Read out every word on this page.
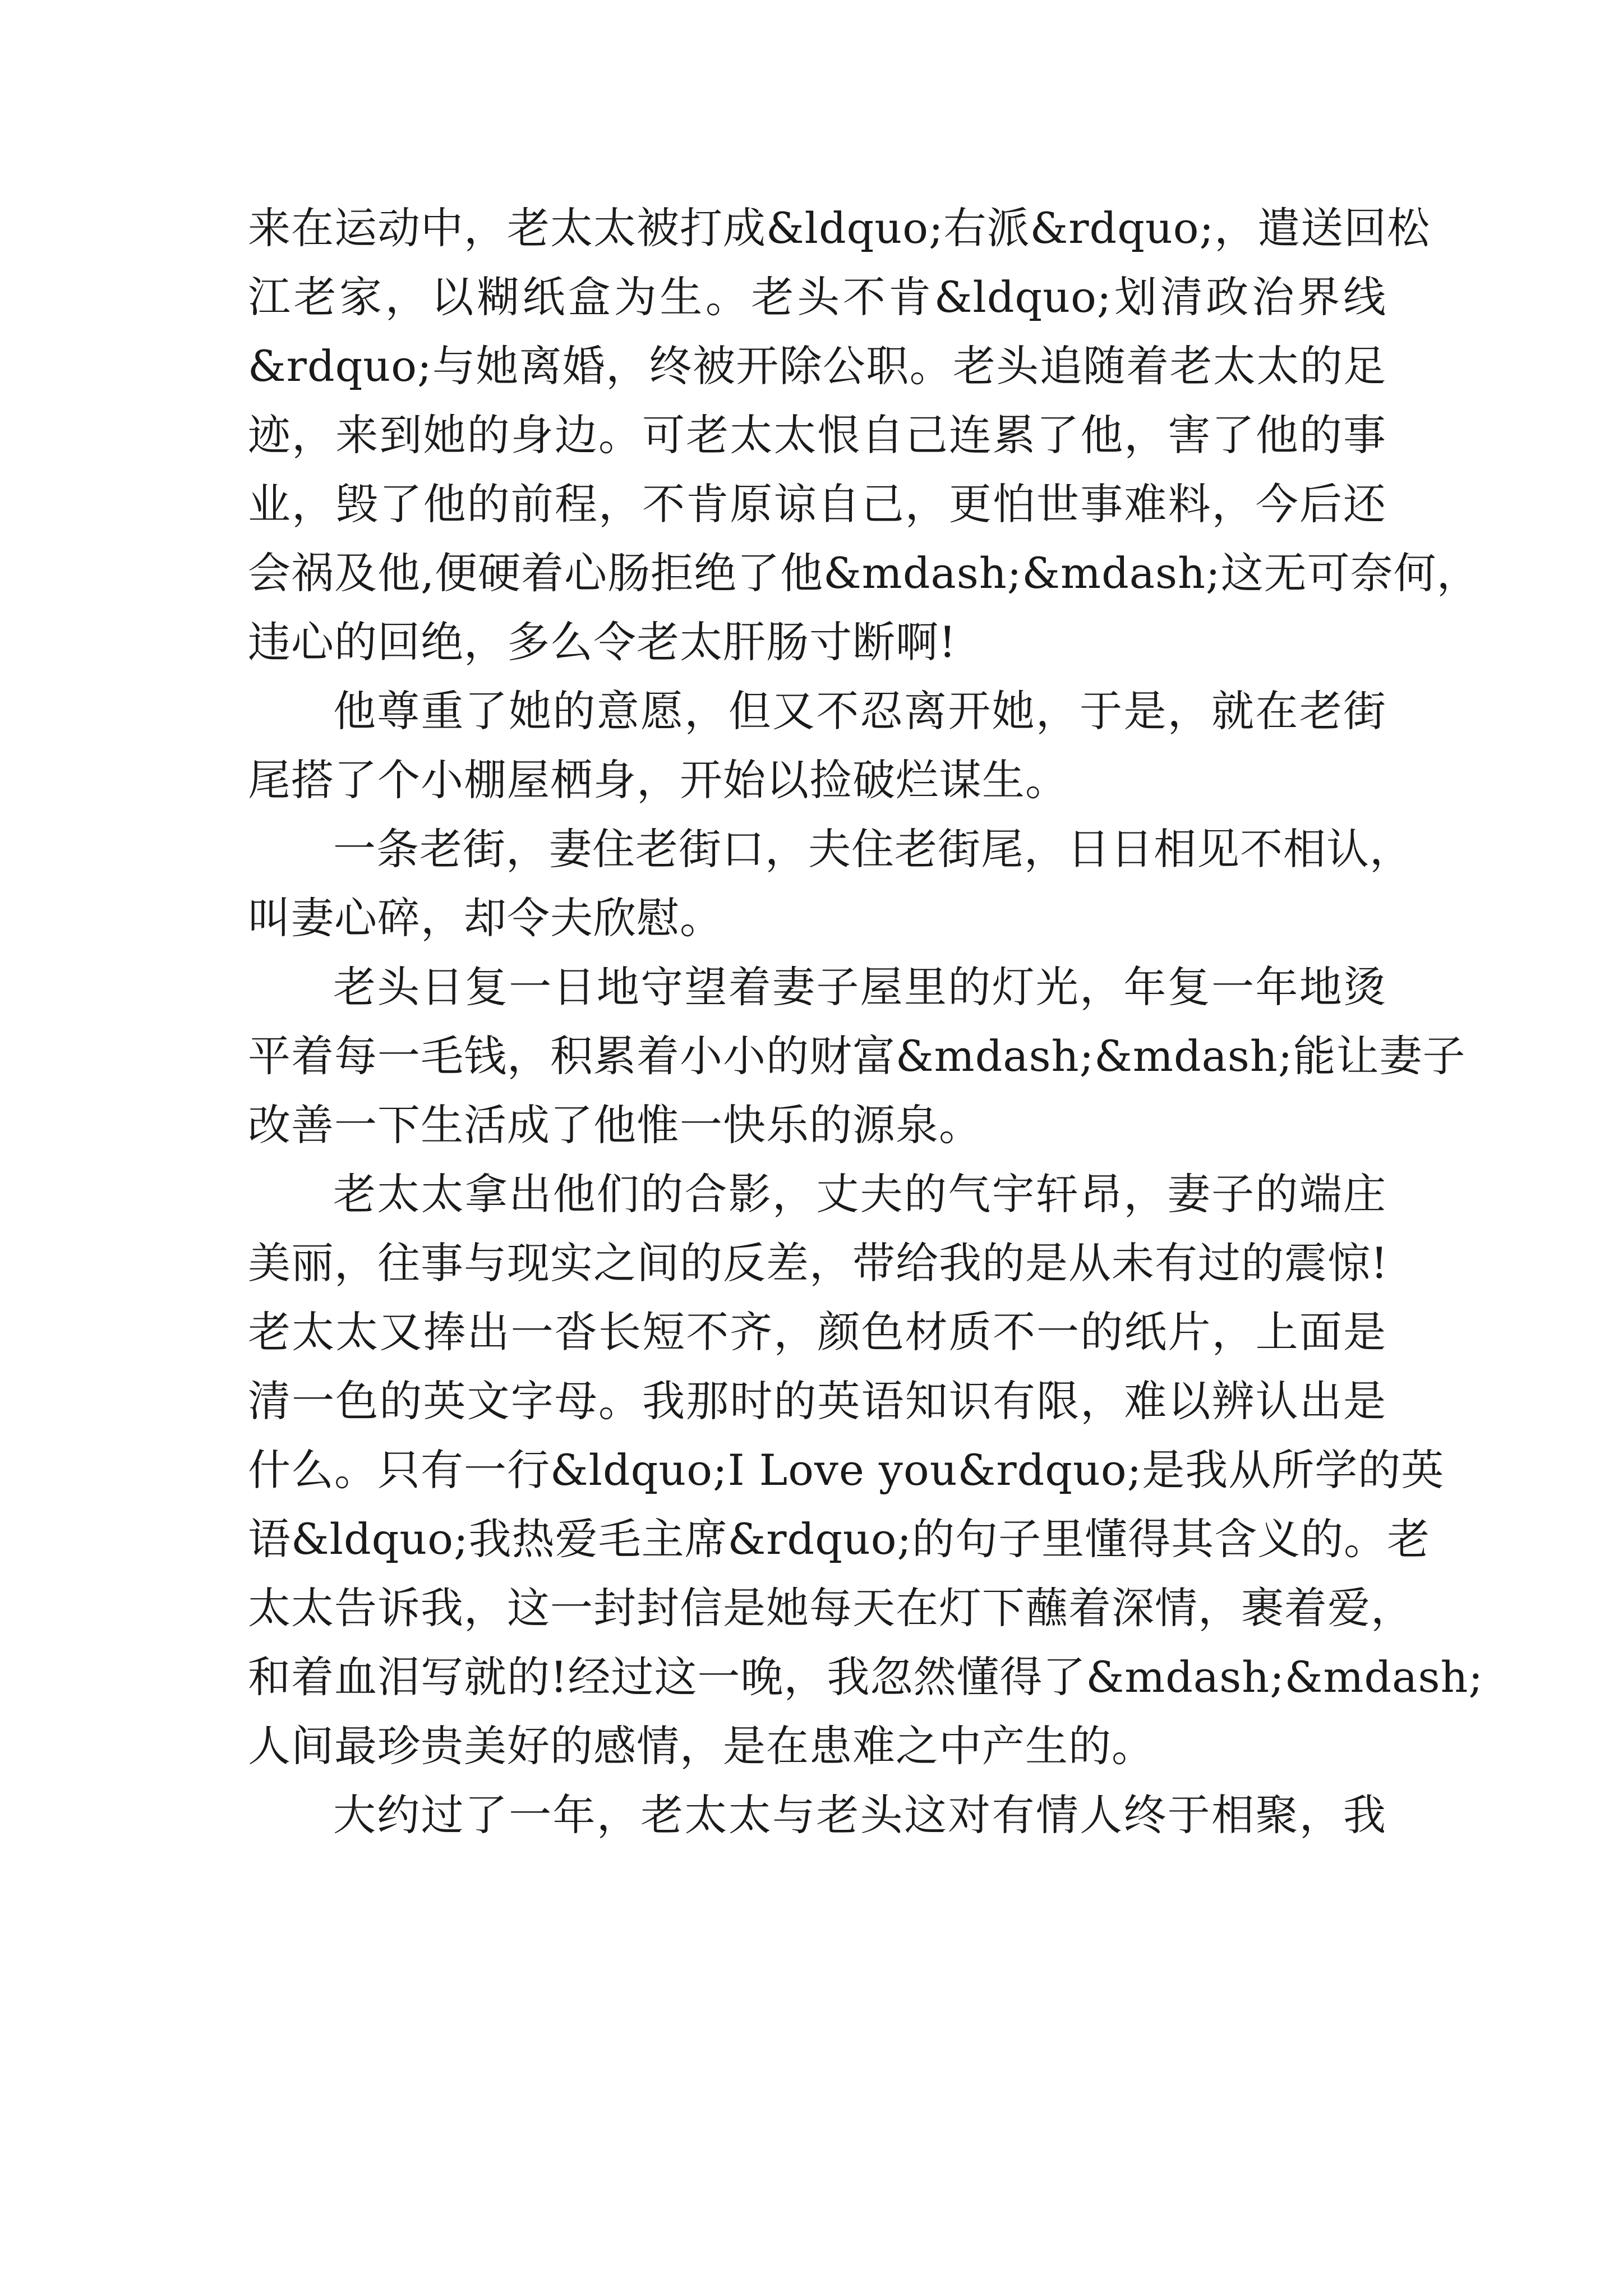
来在运动中，老太太被打成&ldquo;右派&rdquo;，遣送回松
江老家，以糊纸盒为生。老头不肯&ldquo;划清政治界线
&rdquo;与她离婚，终被开除公职。老头追随着老太太的足
迹，来到她的身边。可老太太恨自己连累了他，害了他的事
业，毁了他的前程，不肯原谅自己，更怕世事难料，今后还
会祸及他,便硬着心肠拒绝了他&mdash;&mdash;这无可奈何，
违心的回绝，多么令老太肝肠寸断啊!
他尊重了她的意愿，但又不忍离开她，于是，就在老街
尾搭了个小棚屋栖身，开始以捡破烂谋生。
一条老街，妻住老街口，夫住老街尾，日日相见不相认，
叫妻心碎，却令夫欣慰。
老头日复一日地守望着妻子屋里的灯光，年复一年地烫
平着每一毛钱，积累着小小的财富&mdash;&mdash;能让妻子
改善一下生活成了他惟一快乐的源泉。
老太太拿出他们的合影，丈夫的气宇轩昂，妻子的端庄
美丽，往事与现实之间的反差，带给我的是从未有过的震惊!
老太太又捧出一沓长短不齐，颜色材质不一的纸片，上面是
清一色的英文字母。我那时的英语知识有限，难以辨认出是
什么。只有一行&ldquo;I Love you&rdquo;是我从所学的英
语&ldquo;我热爱毛主席&rdquo;的句子里懂得其含义的。老
太太告诉我，这一封封信是她每天在灯下蘸着深情，裹着爱，
和着血泪写就的!经过这一晚，我忽然懂得了&mdash;&mdash;
人间最珍贵美好的感情，是在患难之中产生的。
大约过了一年，老太太与老头这对有情人终于相聚，我
